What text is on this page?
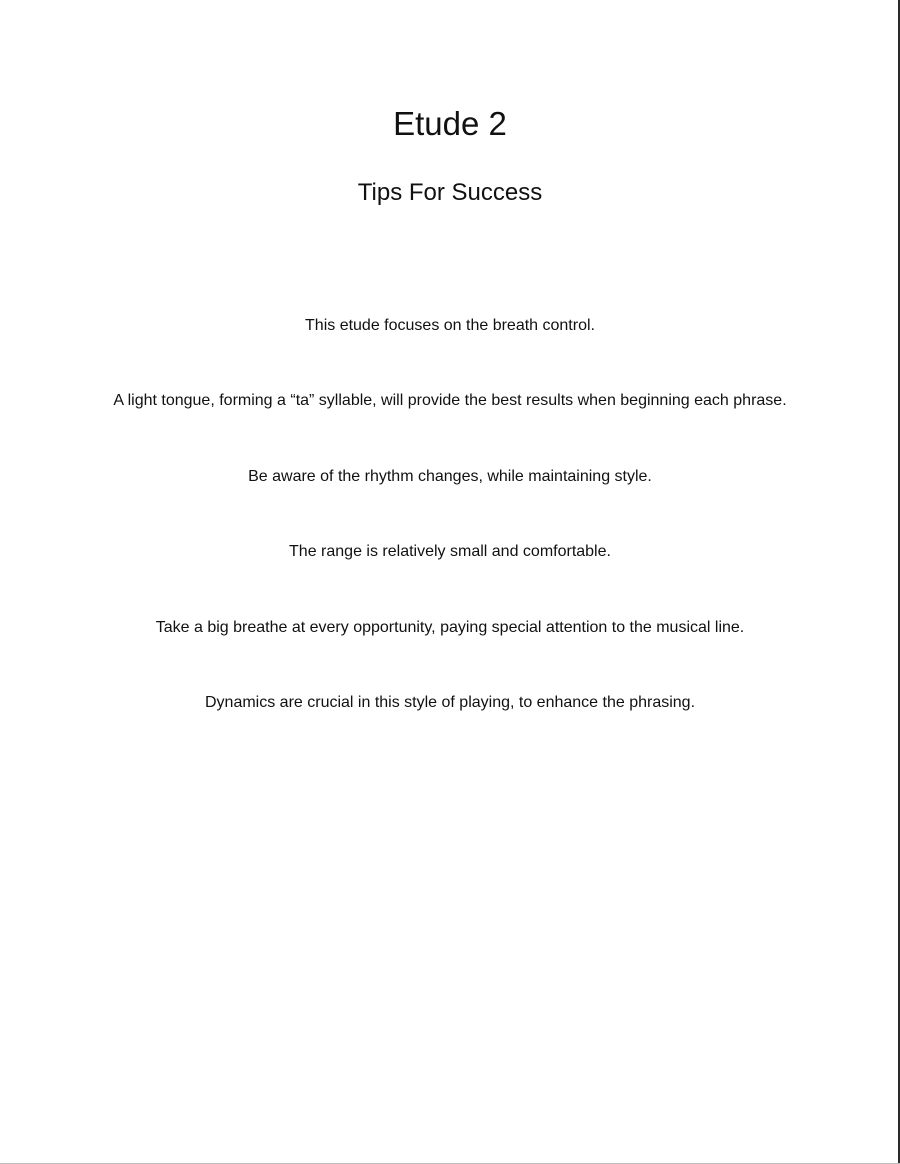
Etude 2
Tips For Success
This etude focuses on the breath control.
A light tongue, forming a “ta” syllable, will provide the best results when beginning each phrase.
Be aware of the rhythm changes, while maintaining style.
The range is relatively small and comfortable.
Take a big breathe at every opportunity, paying special attention to the musical line.
Dynamics are crucial in this style of playing, to enhance the phrasing.
